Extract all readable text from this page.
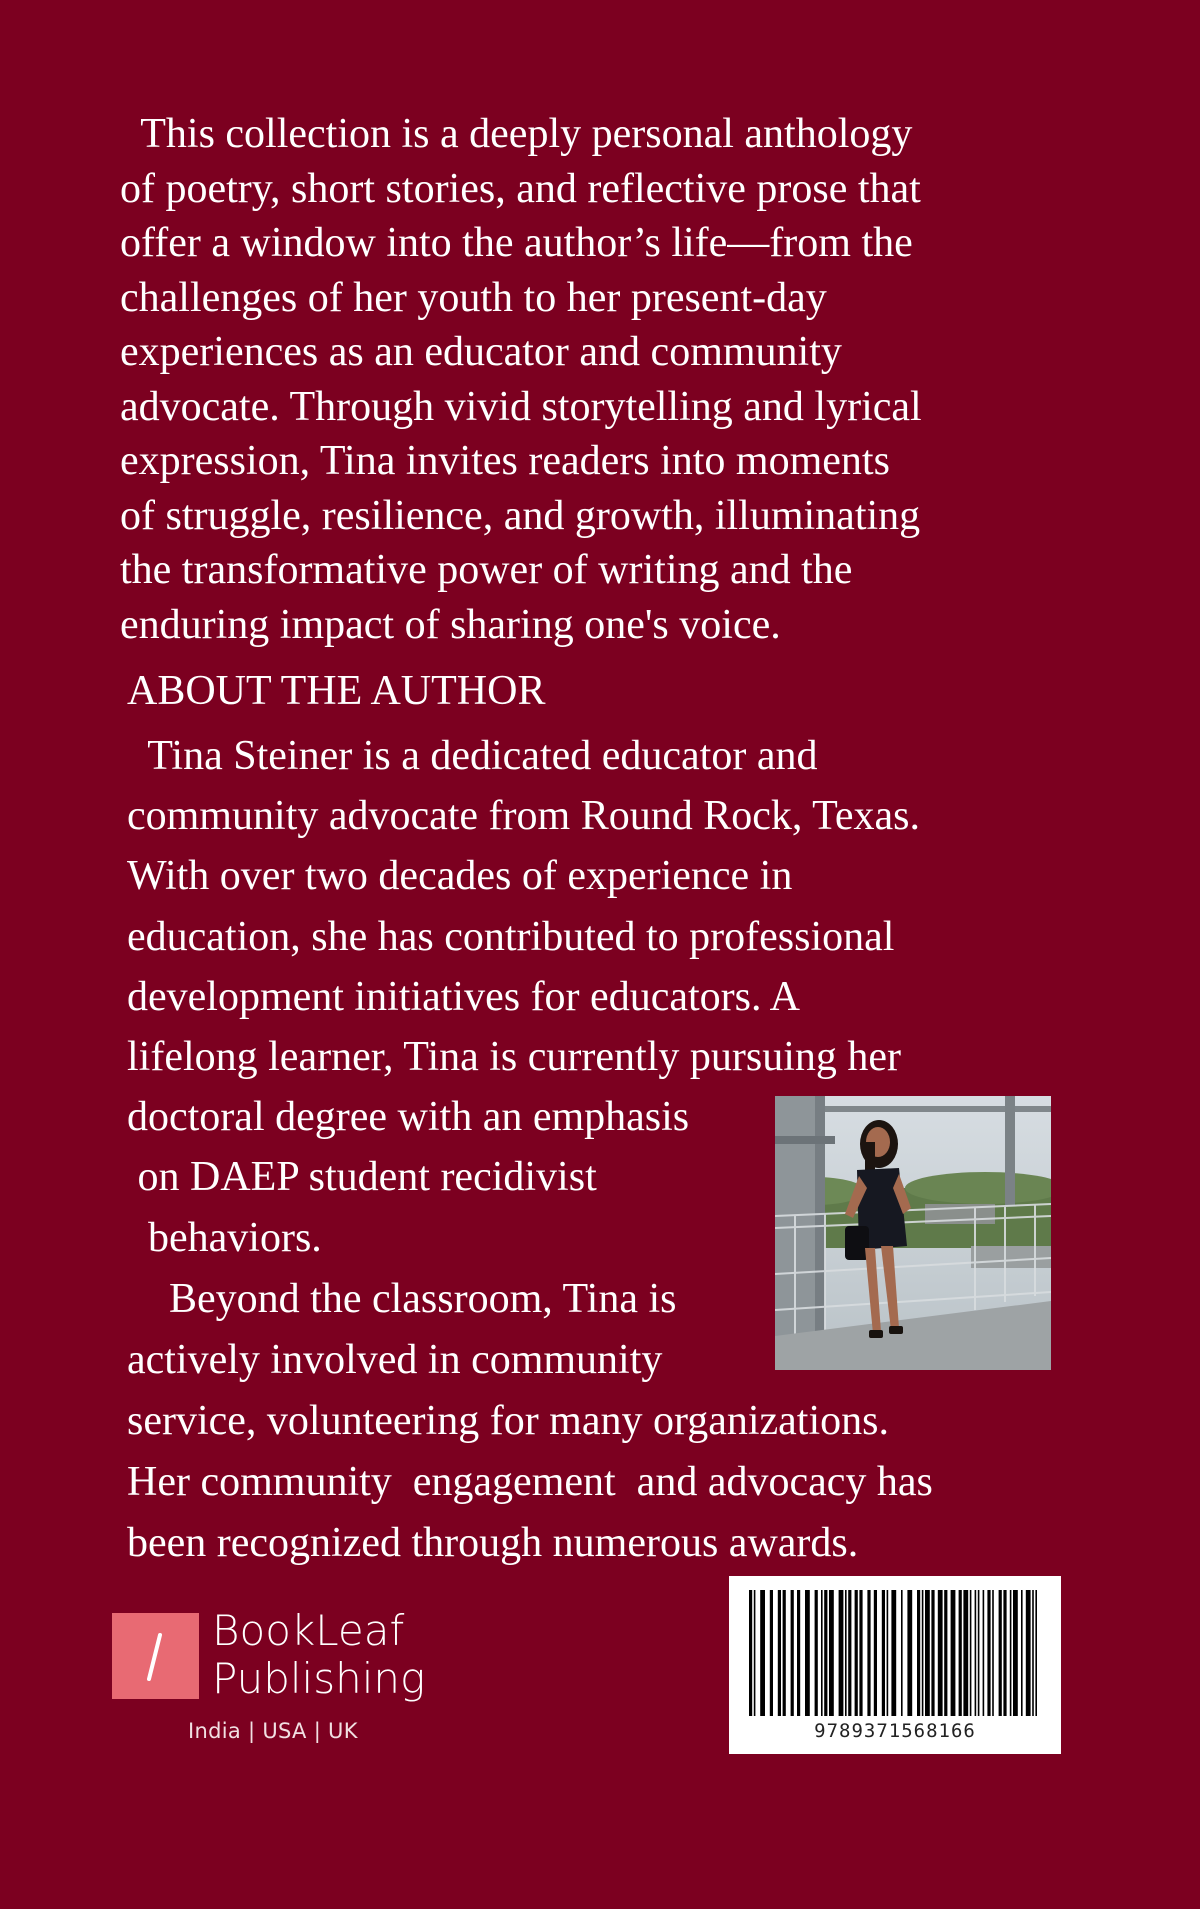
This collection is a deeply personal anthology
of poetry, short stories, and reflective prose that
offer a window into the author’s life—from the
challenges of her youth to her present-day
experiences as an educator and community
advocate. Through vivid storytelling and lyrical
expression, Tina invites readers into moments
of struggle, resilience, and growth, illuminating
the transformative power of writing and the
enduring impact of sharing one's voice.
ABOUT THE AUTHOR
Tina Steiner is a dedicated educator and
community advocate from Round Rock, Texas.
With over two decades of experience in
education, she has contributed to professional
development initiatives for educators. A
lifelong learner, Tina is currently pursuing her
doctoral degree with an emphasis
on DAEP student recidivist
behaviors.
Beyond the classroom, Tina is
actively involved in community
service, volunteering for many organizations.
Her community  engagement  and advocacy has
been recognized through numerous awards.
BookLeaf
Publishing
India | USA | UK	9789371568166
